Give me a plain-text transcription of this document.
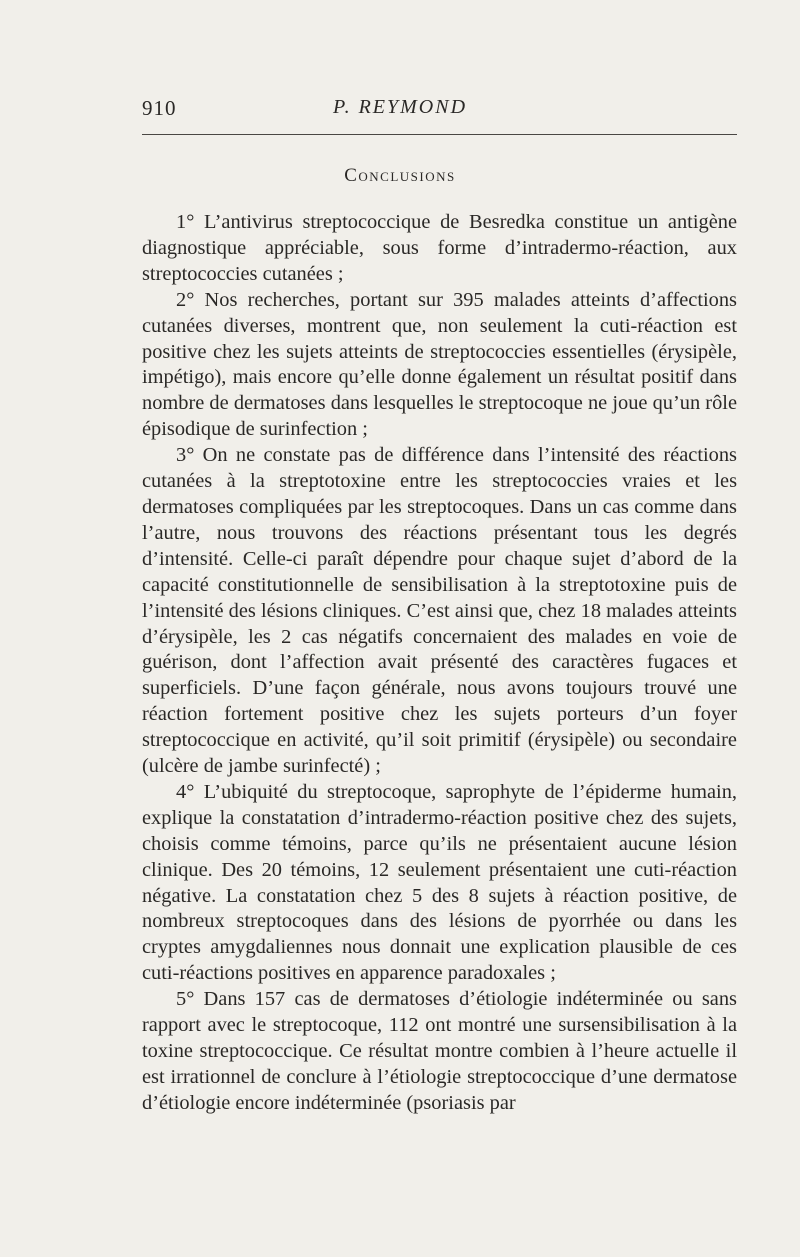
910	P. REYMOND
Conclusions

1° L’antivirus streptococcique de Besredka constitue un antigène diagnostique appréciable, sous forme d’intradermo-réaction, aux streptococcies cutanées ;

2° Nos recherches, portant sur 395 malades atteints d’affections cutanées diverses, montrent que, non seulement la cuti-réaction est positive chez les sujets atteints de streptococcies essentielles (érysipèle, impétigo), mais encore qu’elle donne également un résultat positif dans nombre de dermatoses dans lesquelles le streptocoque ne joue qu’un rôle épisodique de surinfection ;

3° On ne constate pas de différence dans l’intensité des réactions cutanées à la streptotoxine entre les streptococcies vraies et les dermatoses compliquées par les streptocoques. Dans un cas comme dans l’autre, nous trouvons des réactions présentant tous les degrés d’intensité. Celle-ci paraît dépendre pour chaque sujet d’abord de la capacité constitutionnelle de sensibilisation à la streptotoxine puis de l’intensité des lésions cliniques. C’est ainsi que, chez 18 malades atteints d’érysipèle, les 2 cas négatifs concernaient des malades en voie de guérison, dont l’affection avait présenté des caractères fugaces et superficiels. D’une façon générale, nous avons toujours trouvé une réaction fortement positive chez les sujets porteurs d’un foyer streptococcique en activité, qu’il soit primitif (érysipèle) ou secondaire (ulcère de jambe surinfecté) ;

4° L’ubiquité du streptocoque, saprophyte de l’épiderme humain, explique la constatation d’intradermo-réaction positive chez des sujets, choisis comme témoins, parce qu’ils ne présentaient aucune lésion clinique. Des 20 témoins, 12 seulement présentaient une cuti-réaction négative. La constatation chez 5 des 8 sujets à réaction positive, de nombreux streptocoques dans des lésions de pyorrhée ou dans les cryptes amygdaliennes nous donnait une explication plausible de ces cuti-réactions positives en apparence paradoxales ;

5° Dans 157 cas de dermatoses d’étiologie indéterminée ou sans rapport avec le streptocoque, 112 ont montré une sursensibilisation à la toxine streptococcique. Ce résultat montre combien à l’heure actuelle il est irrationnel de conclure à l’étiologie streptococcique d’une dermatose d’étiologie encore indéterminée (psoriasis par
